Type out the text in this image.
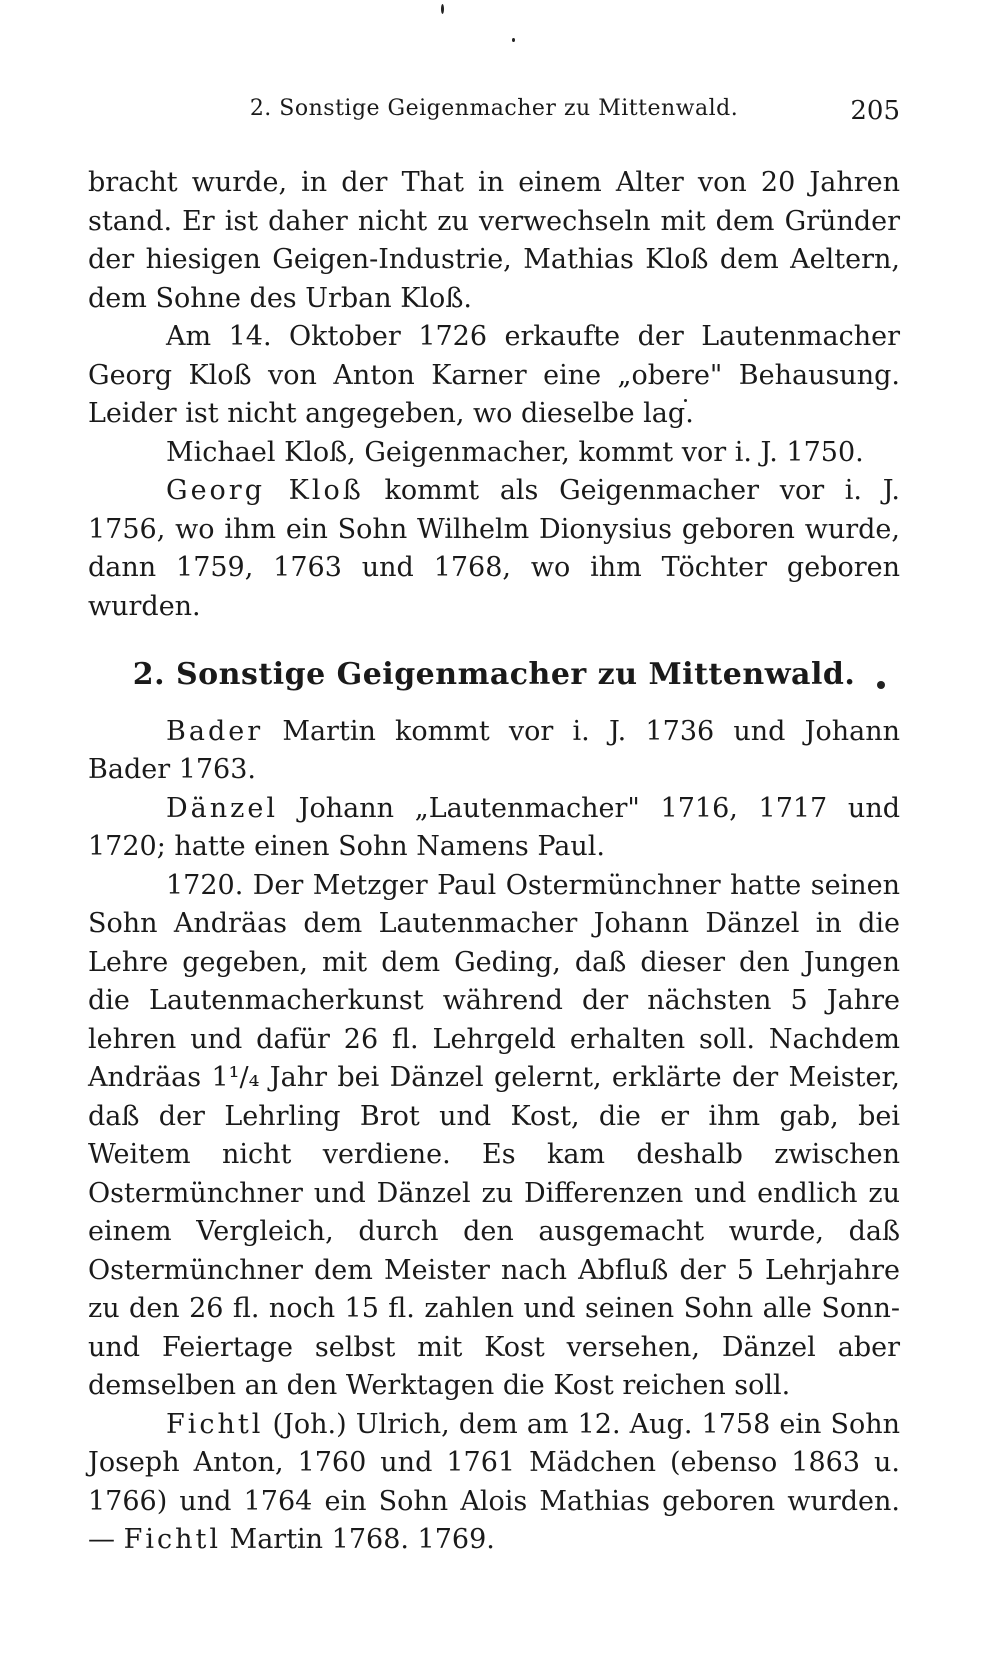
2. Sonstige Geigenmacher zu Mittenwald.	205

bracht wurde, in der That in einem Alter von 20 Jahren stand. Er ist daher nicht zu verwechseln mit dem Gründer der hiesigen Geigen-Industrie, Mathias Kloß dem Aeltern, dem Sohne des Urban Kloß.

Am 14. Oktober 1726 erkaufte der Lautenmacher Georg Kloß von Anton Karner eine „obere" Behausung. Leider ist nicht angegeben, wo dieselbe lag.

Michael Kloß, Geigenmacher, kommt vor i. J. 1750.

Georg Kloß kommt als Geigenmacher vor i. J. 1756, wo ihm ein Sohn Wilhelm Dionysius geboren wurde, dann 1759, 1763 und 1768, wo ihm Töchter geboren wurden.

2. Sonstige Geigenmacher zu Mittenwald.

Bader Martin kommt vor i. J. 1736 und Johann Bader 1763.

Dänzel Johann „Lautenmacher" 1716, 1717 und 1720; hatte einen Sohn Namens Paul.

1720. Der Metzger Paul Ostermünchner hatte seinen Sohn Andräas dem Lautenmacher Johann Dänzel in die Lehre gegeben, mit dem Geding, daß dieser den Jungen die Lautenmacherkunst während der nächsten 5 Jahre lehren und dafür 26 fl. Lehrgeld erhalten soll. Nachdem Andräas 1¹/₄ Jahr bei Dänzel gelernt, erklärte der Meister, daß der Lehrling Brot und Kost, die er ihm gab, bei Weitem nicht verdiene. Es kam deshalb zwischen Ostermünchner und Dänzel zu Differenzen und endlich zu einem Vergleich, durch den ausgemacht wurde, daß Ostermünchner dem Meister nach Abfluß der 5 Lehrjahre zu den 26 fl. noch 15 fl. zahlen und seinen Sohn alle Sonn- und Feiertage selbst mit Kost versehen, Dänzel aber demselben an den Werktagen die Kost reichen soll.

Fichtl (Joh.) Ulrich, dem am 12. Aug. 1758 ein Sohn Joseph Anton, 1760 und 1761 Mädchen (ebenso 1863 u. 1766) und 1764 ein Sohn Alois Mathias geboren wurden. — Fichtl Martin 1768. 1769.
